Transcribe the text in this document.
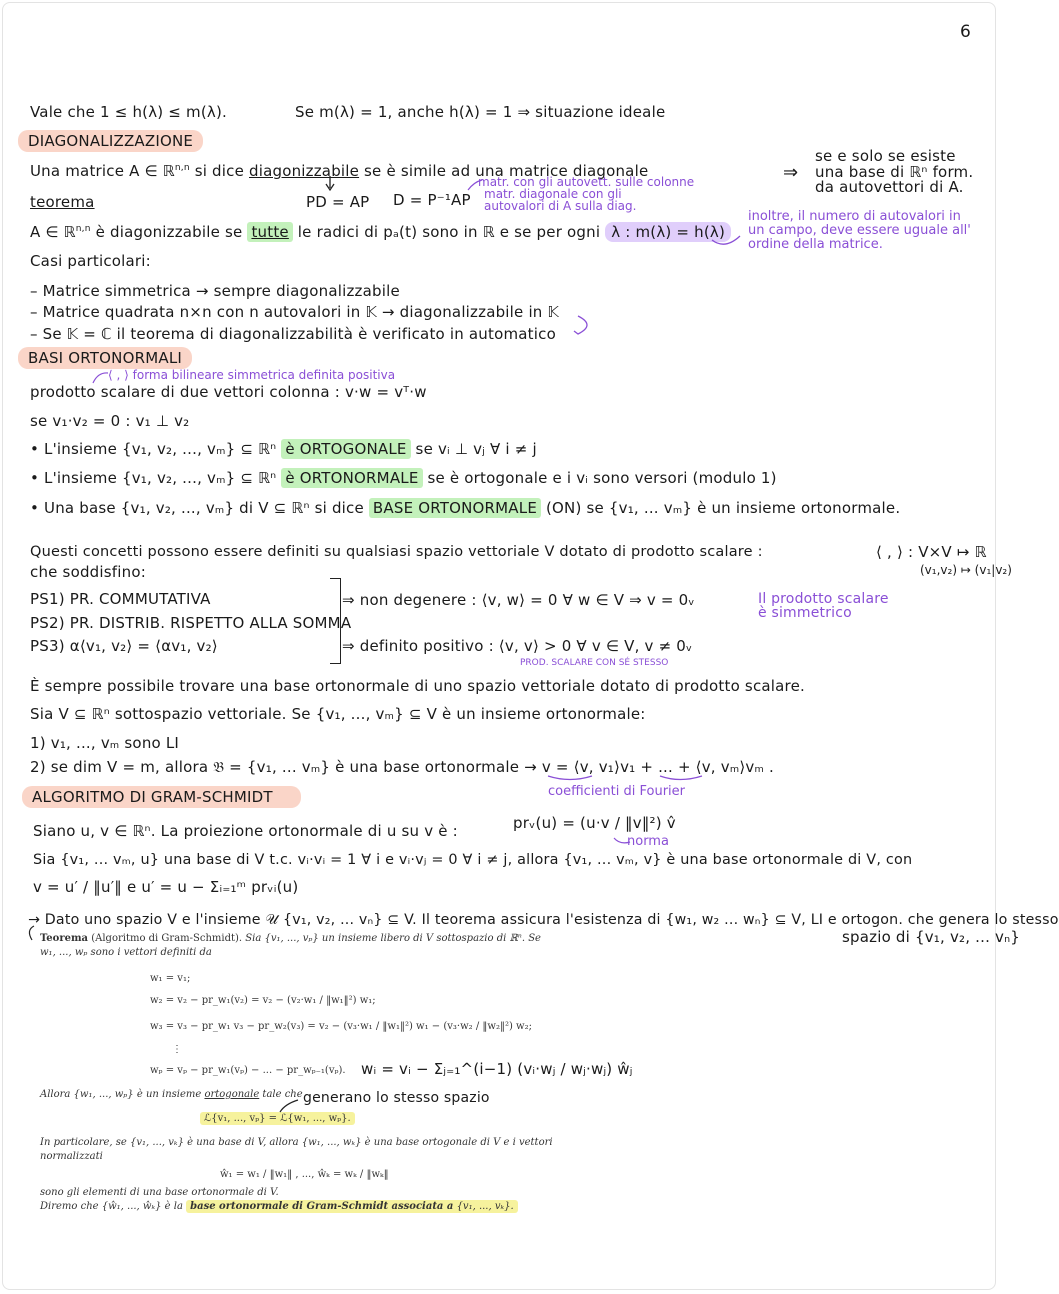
6
Vale che 1 ≤ h(λ) ≤ m(λ).	Se m(λ) = 1, anche h(λ) = 1 ⇒ situazione ideale
DIAGONALIZZAZIONE
Una matrice A ∈ ℝ$^{n,n}$ si dice diagonizzabile se è simile ad una matrice diagonale	⇒
se e solo se esiste
una base di ℝⁿ form.
da autovettori di A.
teorema	PD = AP D = P⁻¹AP
matr. con gli autovett. sulle colonne
matr. diagonale con gli
autovalori di A sulla diag.
A ∈ ℝ$^{n,n}$ è diagonizzabile se tutte le radici di pₐ(t) sono in ℝ e se per ogni λ : m(λ) = h(λ)
inoltre, il numero di autovalori in
un campo, deve essere uguale all'
ordine della matrice.
Casi particolari:
– Matrice simmetrica → sempre diagonalizzabile
– Matrice quadrata n×n con n autovalori in 𝕂 → diagonalizzabile in 𝕂
– Se 𝕂 = ℂ il teorema di diagonalizzabilità è verificato in automatico
BASI ORTONORMALI
⟨ , ⟩ forma bilineare simmetrica definita positiva
prodotto scalare di due vettori colonna : v·w = vᵀ·w
se v₁·v₂ = 0 : v₁ ⊥ v₂
• L'insieme {v₁, v₂, ..., vₘ} ⊆ ℝⁿ è ORTOGONALE se vᵢ ⊥ vⱼ ∀ i ≠ j
• L'insieme {v₁, v₂, ..., vₘ} ⊆ ℝⁿ è ORTONORMALE se è ortogonale e i vᵢ sono versori (modulo 1)
• Una base {v₁, v₂, ..., vₘ} di V ⊆ ℝⁿ si dice BASE ORTONORMALE (ON) se {v₁, ... vₘ} è un insieme ortonormale.
Questi concetti possono essere definiti su qualsiasi spazio vettoriale V dotato di prodotto scalare :	⟨ , ⟩ : V×V ↦ ℝ
(v₁,v₂) ↦ (v₁|v₂)
che soddisfino:
PS1) PR. COMMUTATIVA
PS2) PR. DISTRIB. RISPETTO ALLA SOMMA
PS3) α⟨v₁, v₂⟩ = ⟨αv₁, v₂⟩
⇒ non degenere : ⟨v, w⟩ = 0 ∀ w ∈ V ⇒ v = 0ᵥ
⇒ definito positivo : ⟨v, v⟩ > 0 ∀ v ∈ V, v ≠ 0ᵥ
PROD. SCALARE CON SÉ STESSO
Il prodotto scalare
è simmetrico
È sempre possibile trovare una base ortonormale di uno spazio vettoriale dotato di prodotto scalare.
Sia V ⊆ ℝⁿ sottospazio vettoriale. Se {v₁, ..., vₘ} ⊆ V è un insieme ortonormale:
1) v₁, ..., vₘ sono LI
2) se dim V = m, allora 𝔅 = {v₁, ... vₘ} è una base ortonormale → v = ⟨v, v₁⟩v₁ + ... + ⟨v, vₘ⟩vₘ .
coefficienti di Fourier
ALGORITMO DI GRAM-SCHMIDT
Siano u, v ∈ ℝⁿ. La proiezione ortonormale di u su v è :	prᵥ(u) = (u·v / ‖v‖²) v̂
norma
Sia {v₁, ... vₘ, u} una base di V t.c. vᵢ·vᵢ = 1 ∀ i e vᵢ·vⱼ = 0 ∀ i ≠ j, allora {v₁, ... vₘ, v} è una base ortonormale di V, con
v = u′ / ‖u′‖ e u′ = u − Σᵢ₌₁ᵐ prᵥᵢ(u)
→ Dato uno spazio V e l'insieme 𝒰 {v₁, v₂, ... vₙ} ⊆ V. Il teorema assicura l'esistenza di {w₁, w₂ ... wₙ} ⊆ V, LI e ortogon. che genera lo stesso
spazio di {v₁, v₂, ... vₙ}
Teorema (Algoritmo di Gram-Schmidt). Sia {v₁, ..., vₚ} un insieme libero di V sottospazio di ℝⁿ. Se
w₁, ..., wₚ sono i vettori definiti da
w₁ = v₁;
w₂ = v₂ − pr_w₁(v₂) = v₂ − (v₂·w₁ / ‖w₁‖²) w₁;
w₃ = v₃ − pr_w₁ v₃ − pr_w₂(v₃) = v₂ − (v₃·w₁ / ‖w₁‖²) w₁ − (v₃·w₂ / ‖w₂‖²) w₂;
⋮
wₚ = vₚ − pr_w₁(vₚ) − ... − pr_wₚ₋₁(vₚ).
Allora {w₁, ..., wₚ} è un insieme ortogonale tale che
ℒ{v₁, ..., vₚ} = ℒ{w₁, ..., wₚ}.
In particolare, se {v₁, ..., vₖ} è una base di V, allora {w₁, ..., wₖ} è una base ortogonale di V e i vettori
normalizzati
ŵ₁ = w₁ / ‖w₁‖ , ..., ŵₖ = wₖ / ‖wₖ‖
sono gli elementi di una base ortonormale di V.
Diremo che {ŵ₁, ..., ŵₖ} è la base ortonormale di Gram-Schmidt associata a {v₁, ..., vₖ}.
wᵢ = vᵢ − Σⱼ₌₁^(i−1) (vᵢ·wⱼ / wⱼ·wⱼ) ŵⱼ
generano lo stesso spazio
